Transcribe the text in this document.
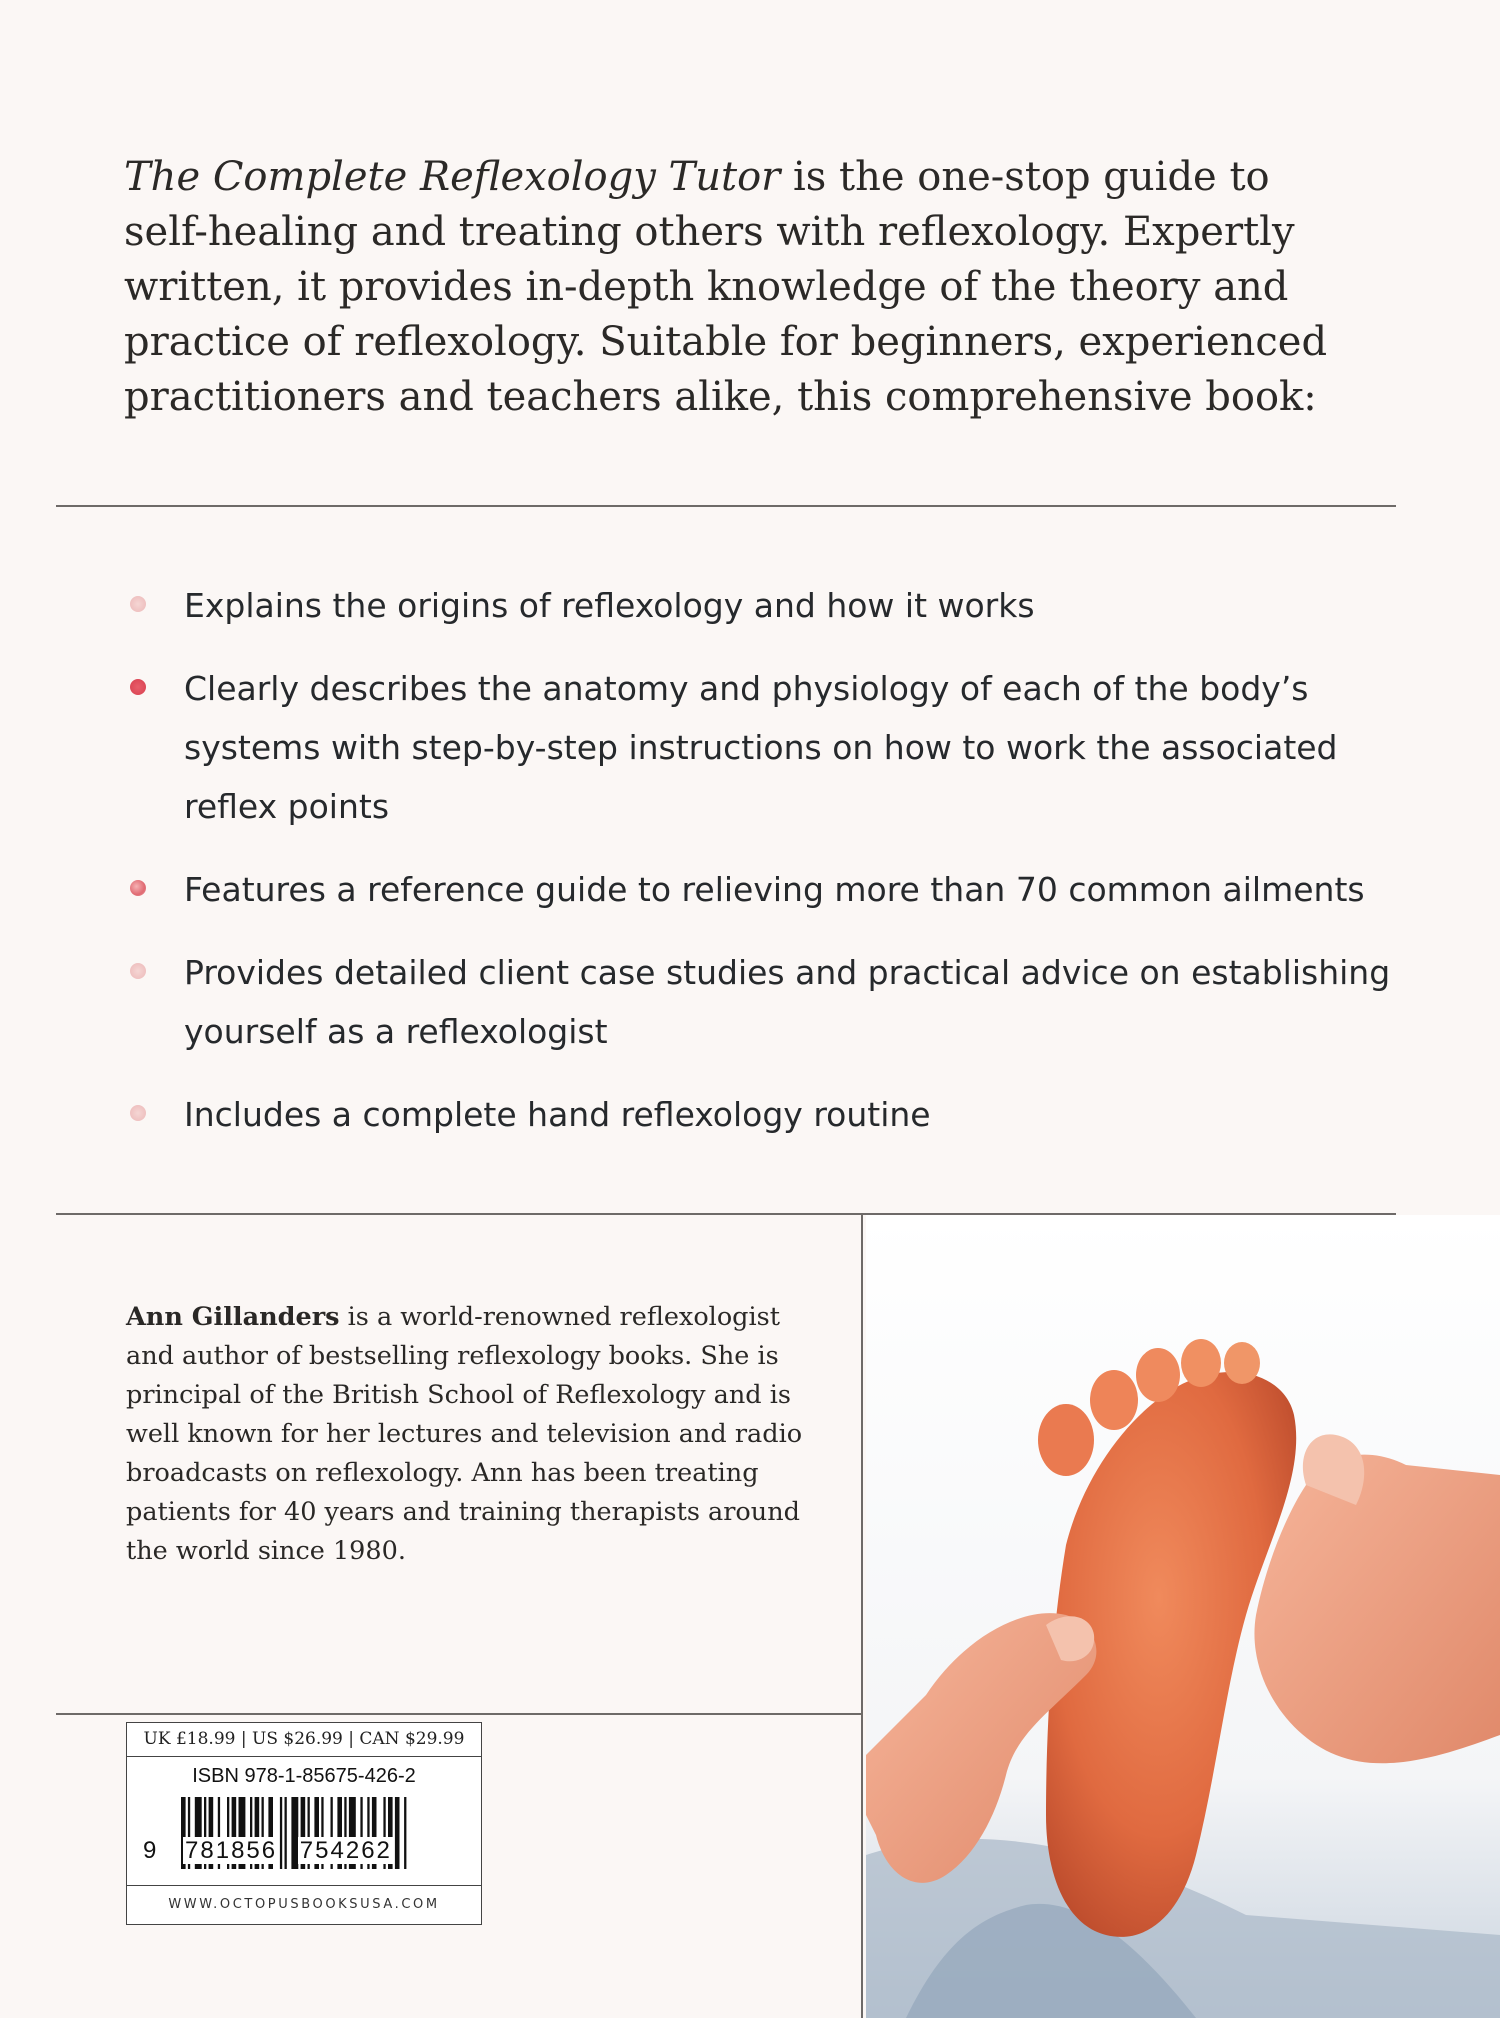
The Complete Reflexology Tutor is the one-stop guide to self-healing and treating others with reflexology. Expertly written, it provides in-depth knowledge of the theory and practice of reflexology. Suitable for beginners, experienced practitioners and teachers alike, this comprehensive book:

Explains the origins of reflexology and how it works
Clearly describes the anatomy and physiology of each of the body’s systems with step-by-step instructions on how to work the associated reflex points
Features a reference guide to relieving more than 70 common ailments
Provides detailed client case studies and practical advice on establishing yourself as a reflexologist
Includes a complete hand reflexology routine

Ann Gillanders is a world-renowned reflexologist and author of bestselling reflexology books. She is principal of the British School of Reflexology and is well known for her lectures and television and radio broadcasts on reflexology. Ann has been treating patients for 40 years and training therapists around the world since 1980.

UK £18.99 | US $26.99 | CAN $29.99
ISBN 978-1-85675-426-2
9 781856 754262
WWW.OCTOPUSBOOKSUSA.COM
